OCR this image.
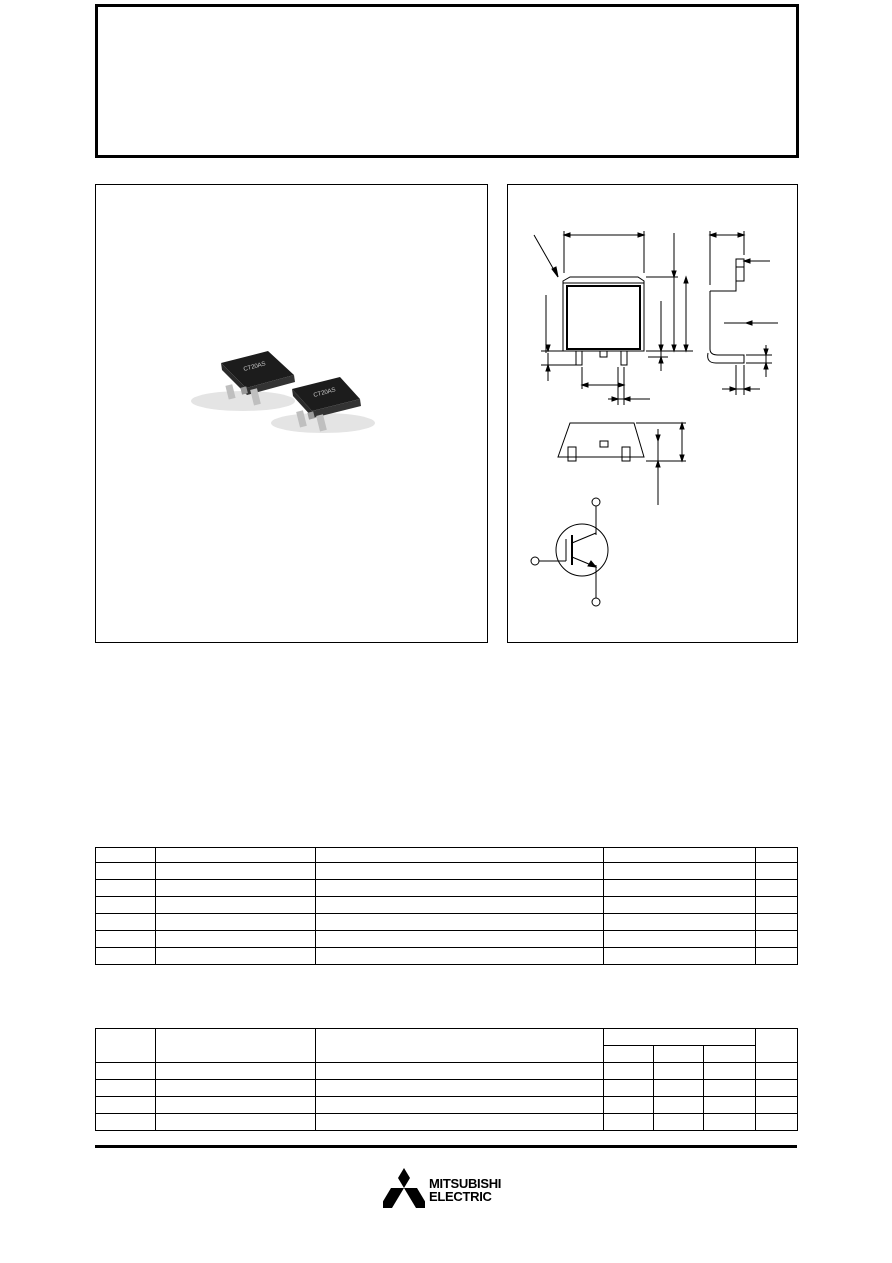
CT20AS
CT20AS

MITSUBISHI
ELECTRIC
